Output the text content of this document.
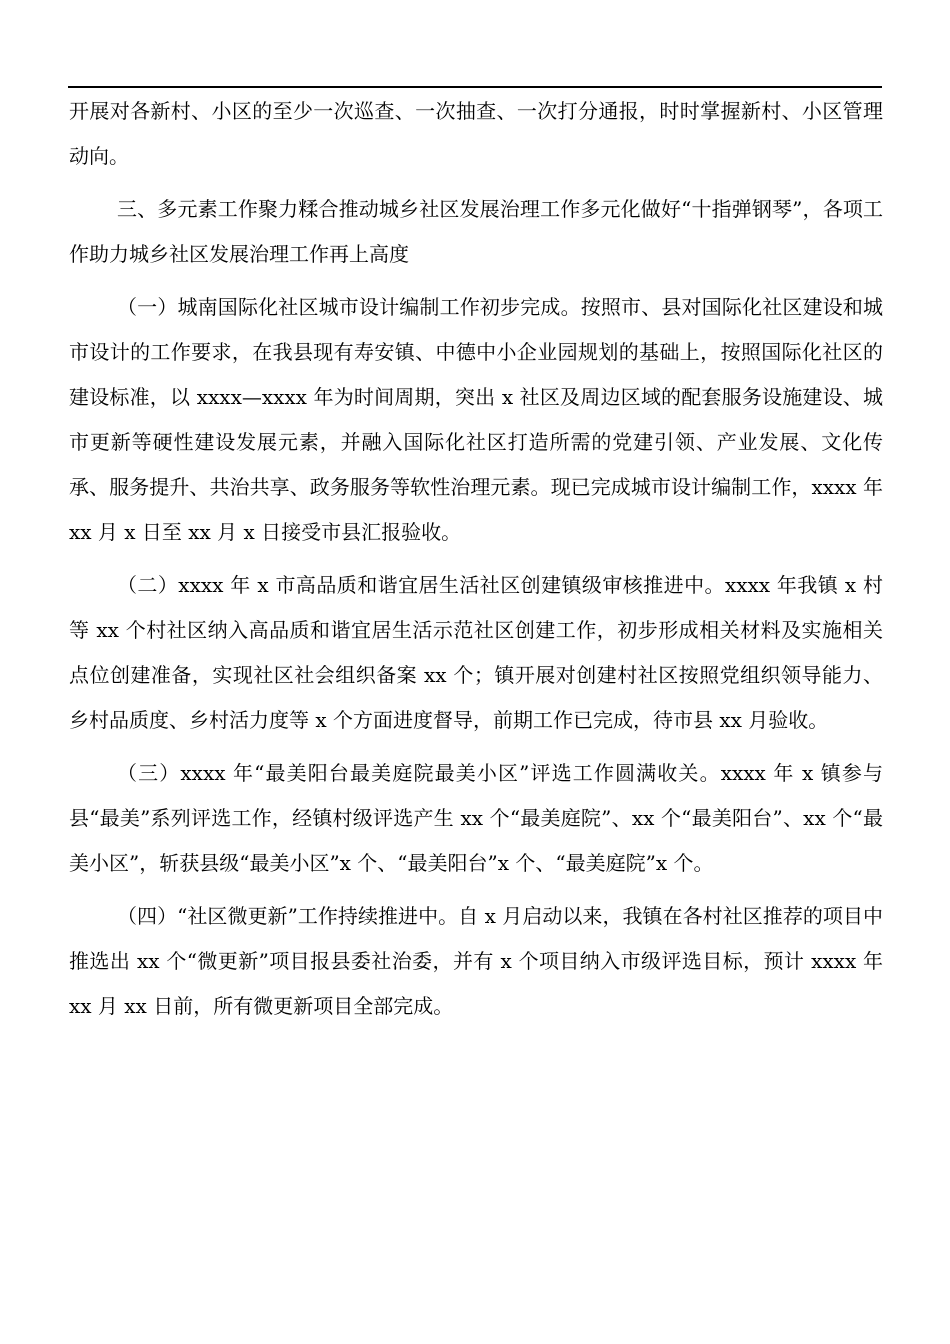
开展对各新村、小区的至少一次巡查、一次抽查、一次打分通报，时时掌握新村、小区管理动向。

三、多元素工作聚力糅合推动城乡社区发展治理工作多元化做好“十指弹钢琴”，各项工作助力城乡社区发展治理工作再上高度

（一）城南国际化社区城市设计编制工作初步完成。按照市、县对国际化社区建设和城市设计的工作要求，在我县现有寿安镇、中德中小企业园规划的基础上，按照国际化社区的建设标准，以 xxxx—xxxx 年为时间周期，突出 x 社区及周边区域的配套服务设施建设、城市更新等硬性建设发展元素，并融入国际化社区打造所需的党建引领、产业发展、文化传承、服务提升、共治共享、政务服务等软性治理元素。现已完成城市设计编制工作，xxxx 年 xx 月 x 日至 xx 月 x 日接受市县汇报验收。

（二）xxxx 年 x 市高品质和谐宜居生活社区创建镇级审核推进中。xxxx 年我镇 x 村等 xx 个村社区纳入高品质和谐宜居生活示范社区创建工作，初步形成相关材料及实施相关点位创建准备，实现社区社会组织备案 xx 个；镇开展对创建村社区按照党组织领导能力、乡村品质度、乡村活力度等 x 个方面进度督导，前期工作已完成，待市县 xx 月验收。

（三）xxxx 年“最美阳台最美庭院最美小区”评选工作圆满收关。xxxx 年 x 镇参与县“最美”系列评选工作，经镇村级评选产生 xx 个“最美庭院”、xx 个“最美阳台”、xx 个“最美小区”，斩获县级“最美小区”x 个、“最美阳台”x 个、“最美庭院”x 个。

（四）“社区微更新”工作持续推进中。自 x 月启动以来，我镇在各村社区推荐的项目中推选出 xx 个“微更新”项目报县委社治委，并有 x 个项目纳入市级评选目标，预计 xxxx 年 xx 月 xx 日前，所有微更新项目全部完成。
